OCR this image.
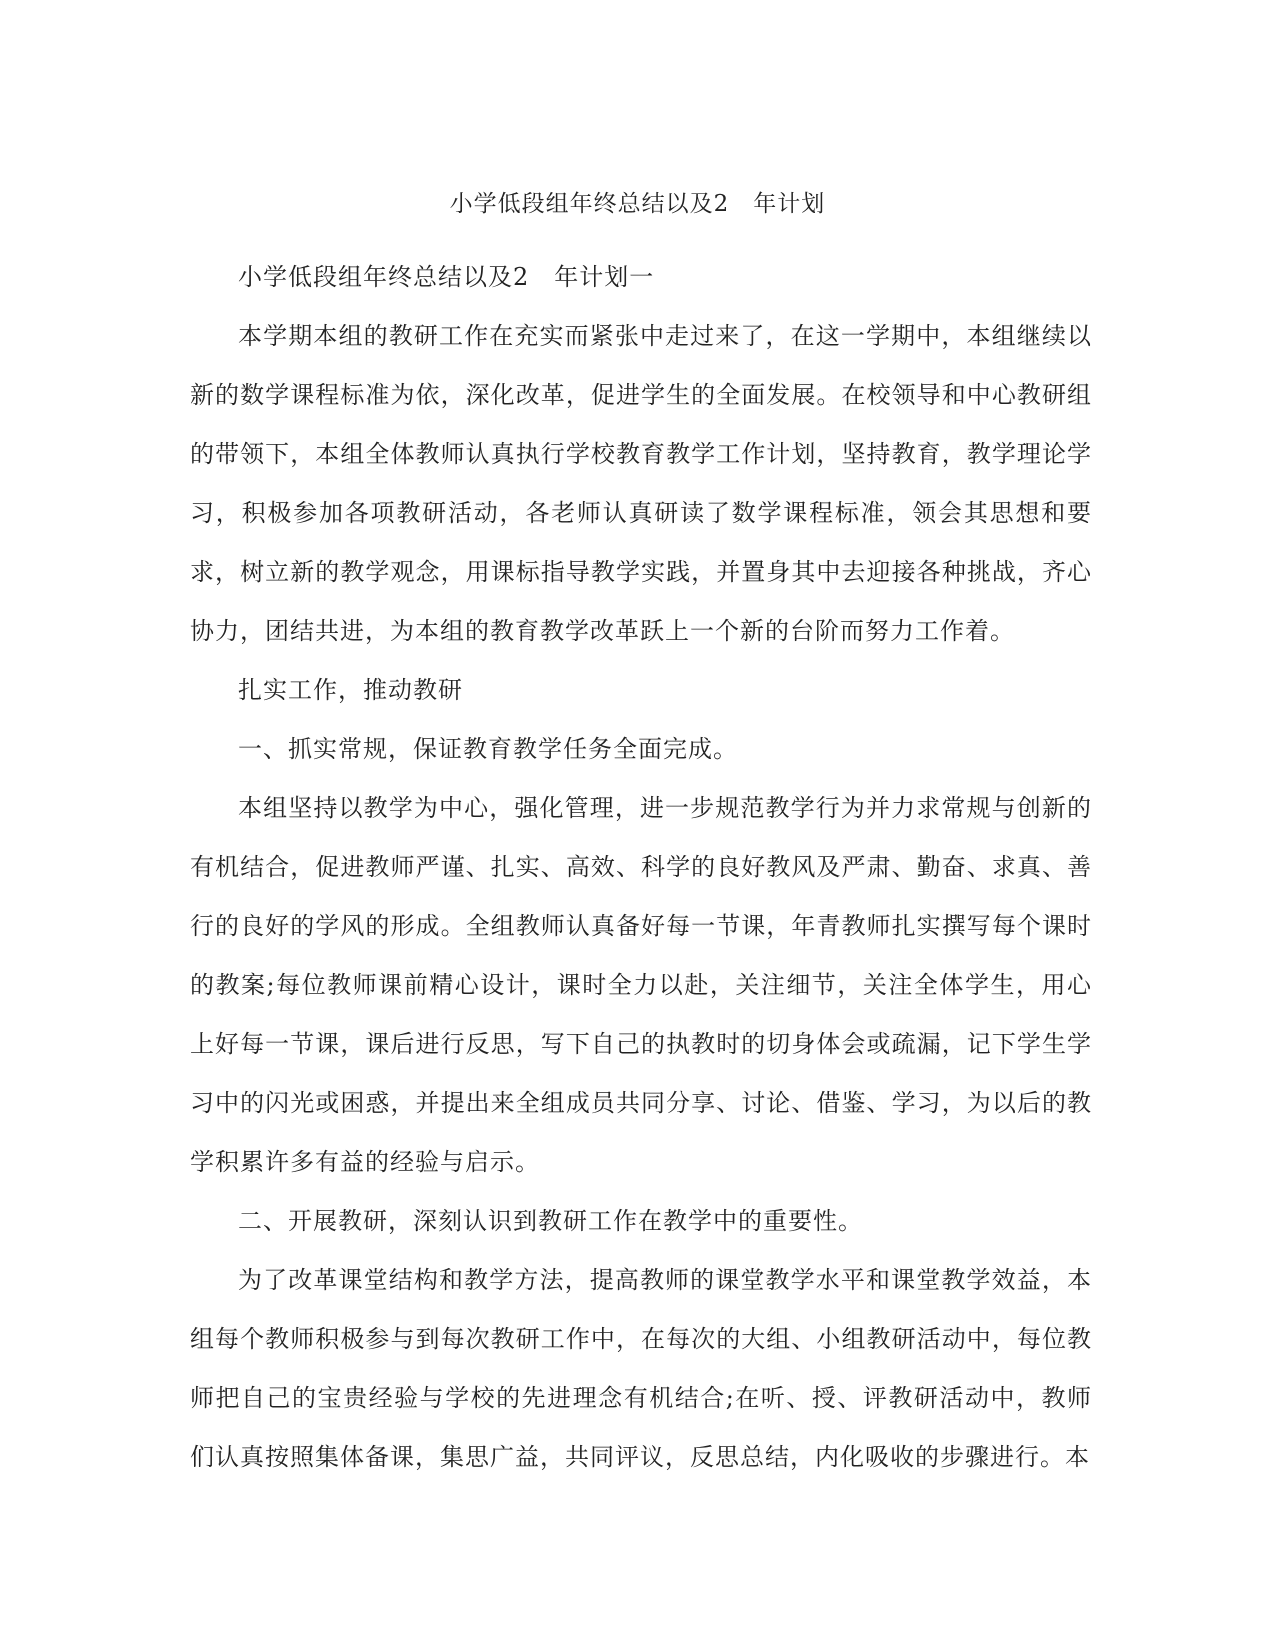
小学低段组年终总结以及2　年计划

小学低段组年终总结以及2　年计划一

本学期本组的教研工作在充实而紧张中走过来了，在这一学期中，本组继续以新的数学课程标准为依，深化改革，促进学生的全面发展。在校领导和中心教研组的带领下，本组全体教师认真执行学校教育教学工作计划，坚持教育，教学理论学习，积极参加各项教研活动，各老师认真研读了数学课程标准，领会其思想和要求，树立新的教学观念，用课标指导教学实践，并置身其中去迎接各种挑战，齐心协力，团结共进，为本组的教育教学改革跃上一个新的台阶而努力工作着。

扎实工作，推动教研

一、抓实常规，保证教育教学任务全面完成。

本组坚持以教学为中心，强化管理，进一步规范教学行为并力求常规与创新的有机结合，促进教师严谨、扎实、高效、科学的良好教风及严肃、勤奋、求真、善行的良好的学风的形成。全组教师认真备好每一节课，年青教师扎实撰写每个课时的教案;每位教师课前精心设计，课时全力以赴，关注细节，关注全体学生，用心上好每一节课，课后进行反思，写下自己的执教时的切身体会或疏漏，记下学生学习中的闪光或困惑，并提出来全组成员共同分享、讨论、借鉴、学习，为以后的教学积累许多有益的经验与启示。

二、开展教研，深刻认识到教研工作在教学中的重要性。

为了改革课堂结构和教学方法，提高教师的课堂教学水平和课堂教学效益，本组每个教师积极参与到每次教研工作中，在每次的大组、小组教研活动中，每位教师把自己的宝贵经验与学校的先进理念有机结合;在听、授、评教研活动中，教师们认真按照集体备课，集思广益，共同评议，反思总结，内化吸收的步骤进行。本
